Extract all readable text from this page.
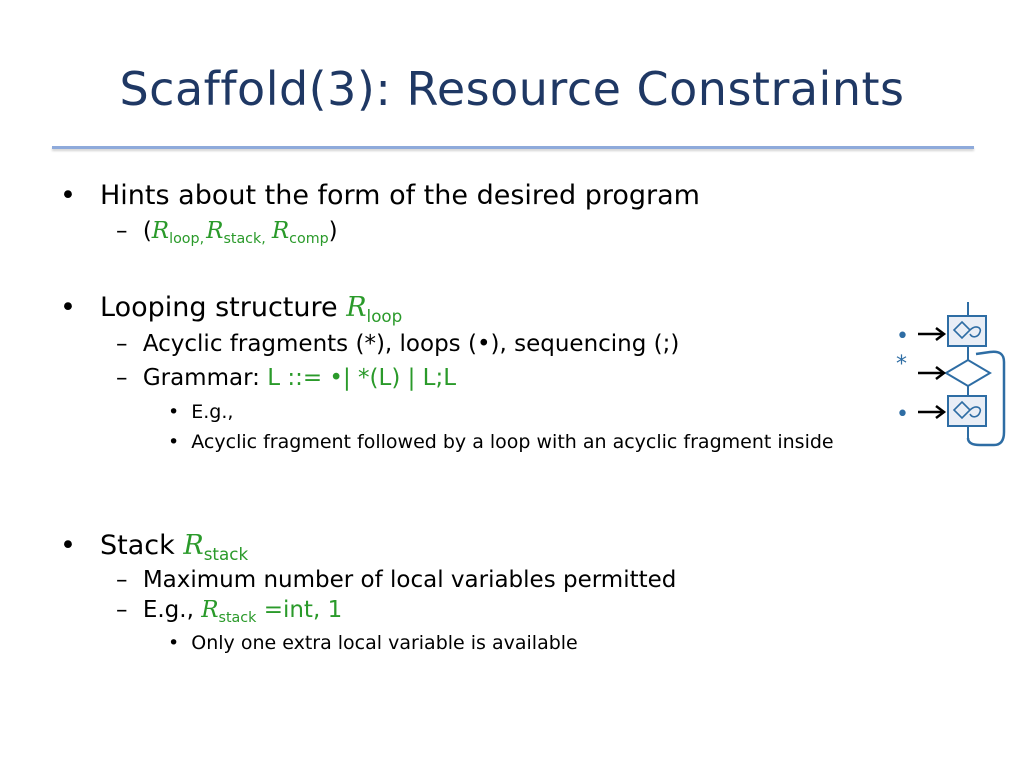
Scaffold(3): Resource Constraints
• Hints about the form of the desired program
– ($R_{loop,}R_{stack,}$ $R_{comp}$)
• Looping structure $R_{loop}$
– Acyclic fragments (*), loops (•), sequencing (;)
– Grammar: L ::= •| *(L) | L;L
• E.g.,
• Acyclic fragment followed by a loop with an acyclic fragment inside
•
*
•
• Stack $R_{stack}$
– Maximum number of local variables permitted
– E.g., $R_{stack} =int$, 1
• Only one extra local variable is available
